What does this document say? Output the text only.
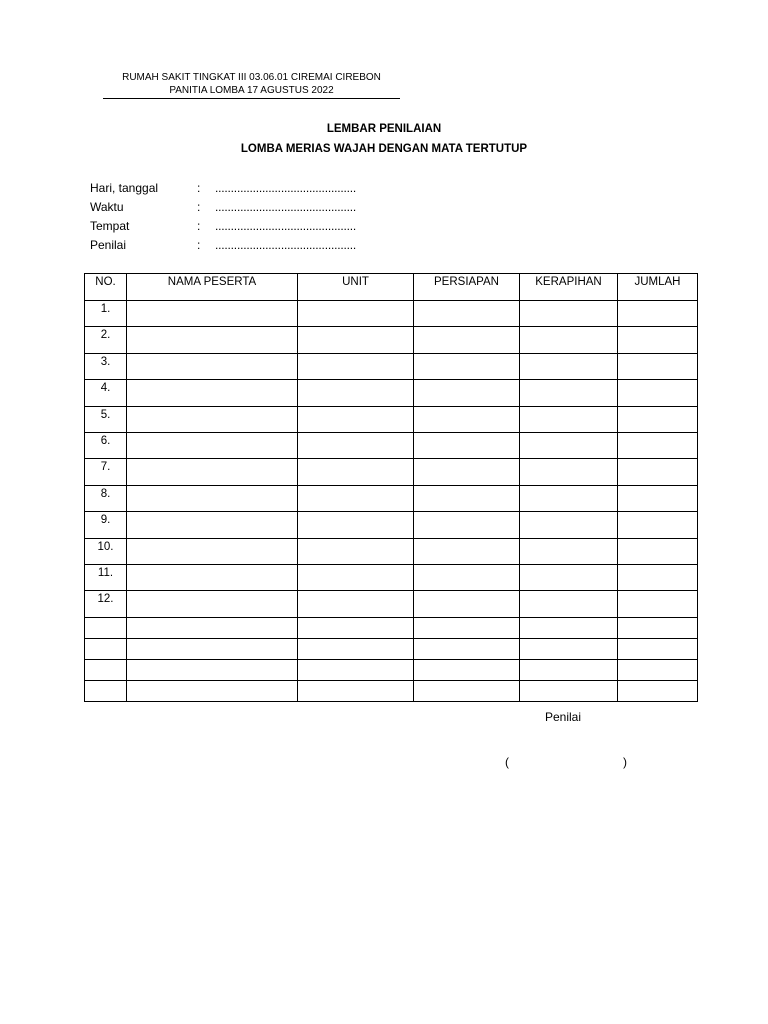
RUMAH SAKIT TINGKAT III 03.06.01 CIREMAI CIREBON
PANITIA LOMBA 17 AGUSTUS 2022
LEMBAR PENILAIAN
LOMBA MERIAS WAJAH DENGAN MATA TERTUTUP
Hari, tanggal	: .............................................
Waktu	: .............................................
Tempat	: .............................................
Penilai	: .............................................
NO.	NAMA PESERTA	UNIT	PERSIAPAN	KERAPIHAN	JUMLAH
1.					
2.					
3.					
4.					
5.					
6.					
7.					
8.					
9.					
10.					
11.					
12.					

Penilai
(	)
